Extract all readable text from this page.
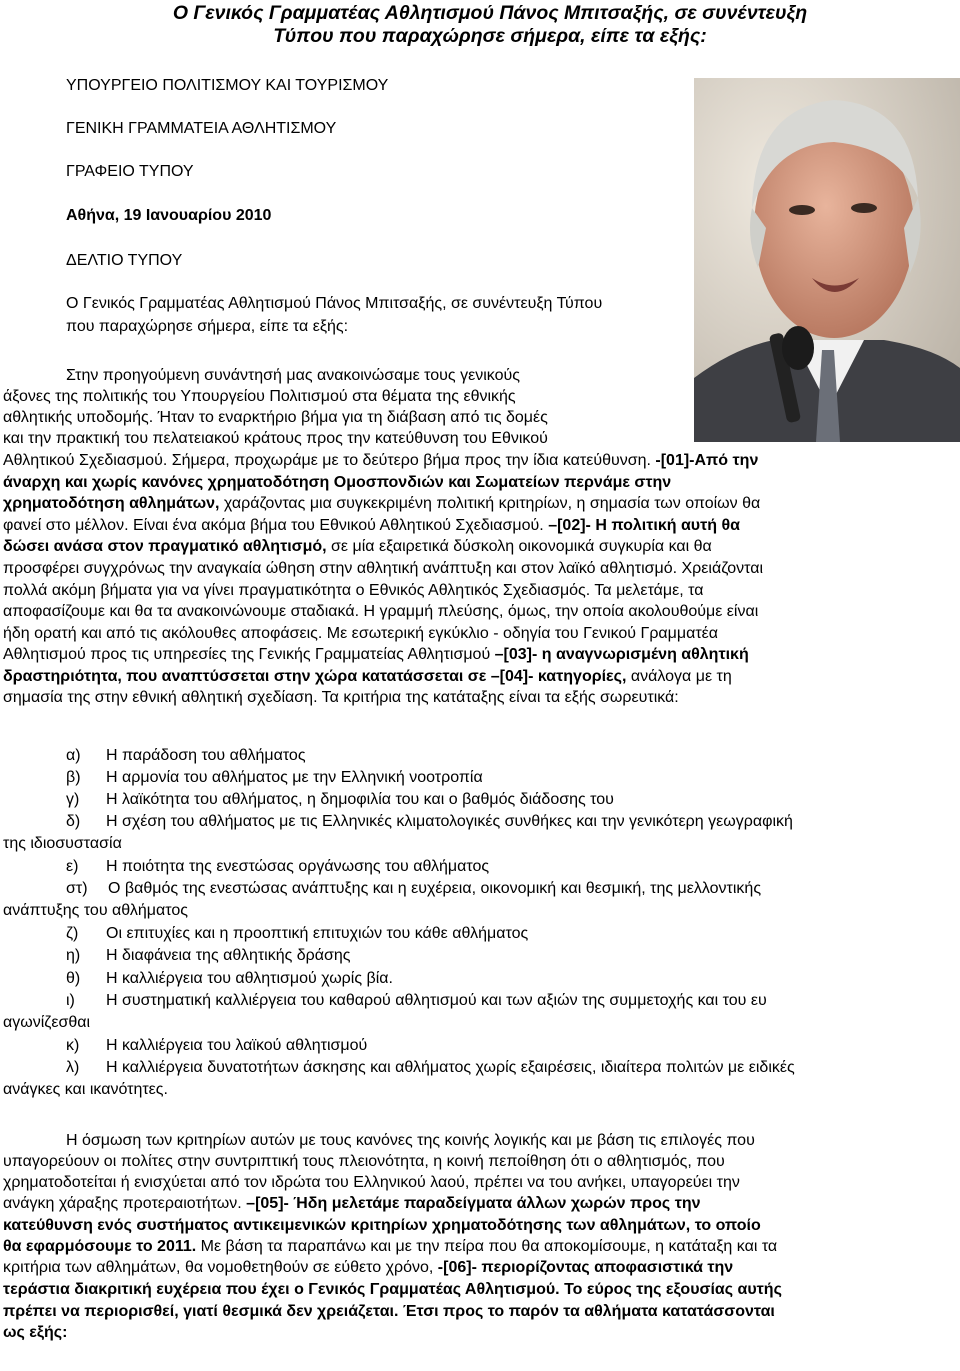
Ο Γενικός Γραμματέας Αθλητισμού Πάνος Μπιτσαξής, σε συνέντευξη
Τύπου που παραχώρησε σήμερα, είπε τα εξής:
ΥΠΟΥΡΓΕΙΟ ΠΟΛΙΤΙΣΜΟΥ ΚΑΙ ΤΟΥΡΙΣΜΟΥ
ΓΕΝΙΚΗ ΓΡΑΜΜΑΤΕΙΑ ΑΘΛΗΤΙΣΜΟΥ
ΓΡΑΦΕΙΟ ΤΥΠΟΥ
Αθήνα, 19 Ιανουαρίου 2010
ΔΕΛΤΙΟ ΤΥΠΟΥ
Ο Γενικός Γραμματέας Αθλητισμού Πάνος Μπιτσαξής, σε συνέντευξη Τύπου
που παραχώρησε σήμερα, είπε τα εξής:
Στην προηγούμενη συνάντησή μας ανακοινώσαμε τους γενικούς
άξονες της πολιτικής του Υπουργείου Πολιτισμού στα θέματα της εθνικής
αθλητικής υποδομής. Ήταν το εναρκτήριο βήμα για τη διάβαση από τις δομές
και την πρακτική του πελατειακού κράτους προς την κατεύθυνση του Εθνικού
Αθλητικού Σχεδιασμού. Σήμερα, προχωράμε με το δεύτερο βήμα προς την ίδια κατεύθυνση. -[01]-Από την
άναρχη και χωρίς κανόνες χρηματοδότηση Ομοσπονδιών και Σωματείων περνάμε στην
χρηματοδότηση αθλημάτων, χαράζοντας μια συγκεκριμένη πολιτική κριτηρίων, η σημασία των οποίων θα
φανεί στο μέλλον. Είναι ένα ακόμα βήμα του Εθνικού Αθλητικού Σχεδιασμού. –[02]- Η πολιτική αυτή θα
δώσει ανάσα στον πραγματικό αθλητισμό, σε μία εξαιρετικά δύσκολη οικονομικά συγκυρία και θα
προσφέρει συγχρόνως την αναγκαία ώθηση στην αθλητική ανάπτυξη και στον λαϊκό αθλητισμό. Χρειάζονται
πολλά ακόμη βήματα για να γίνει πραγματικότητα ο Εθνικός Αθλητικός Σχεδιασμός. Τα μελετάμε, τα
αποφασίζουμε και θα τα ανακοινώνουμε σταδιακά. Η γραμμή πλεύσης, όμως, την οποία ακολουθούμε είναι
ήδη ορατή και από τις ακόλουθες αποφάσεις. Με εσωτερική εγκύκλιο - οδηγία του Γενικού Γραμματέα
Αθλητισμού προς τις υπηρεσίες της Γενικής Γραμματείας Αθλητισμού –[03]- η αναγνωρισμένη αθλητική
δραστηριότητα, που αναπτύσσεται στην χώρα κατατάσσεται σε –[04]- κατηγορίες, ανάλογα με τη
σημασία της στην εθνική αθλητική σχεδίαση. Τα κριτήρια της κατάταξης είναι τα εξής σωρευτικά:
α) Η παράδοση του αθλήματος
β) Η αρμονία του αθλήματος με την Ελληνική νοοτροπία
γ) Η λαϊκότητα του αθλήματος, η δημοφιλία του και ο βαθμός διάδοσης του
δ) Η σχέση του αθλήματος με τις Ελληνικές κλιματολογικές συνθήκες και την γενικότερη γεωγραφική
της ιδιοσυστασία
ε) Η ποιότητα της ενεστώσας οργάνωσης του αθλήματος
στ) Ο βαθμός της ενεστώσας ανάπτυξης και η ευχέρεια, οικονομική και θεσμική, της μελλοντικής
ανάπτυξης του αθλήματος
ζ) Οι επιτυχίες και η προοπτική επιτυχιών του κάθε αθλήματος
η) Η διαφάνεια της αθλητικής δράσης
θ) Η καλλιέργεια του αθλητισμού χωρίς βία.
ι) Η συστηματική καλλιέργεια του καθαρού αθλητισμού και των αξιών της συμμετοχής και του ευ
αγωνίζεσθαι
κ) Η καλλιέργεια του λαϊκού αθλητισμού
λ) Η καλλιέργεια δυνατοτήτων άσκησης και αθλήματος χωρίς εξαιρέσεις, ιδιαίτερα πολιτών με ειδικές
ανάγκες και ικανότητες.
Η όσμωση των κριτηρίων αυτών με τους κανόνες της κοινής λογικής και με βάση τις επιλογές που
υπαγορεύουν οι πολίτες στην συντριπτική τους πλειονότητα, η κοινή πεποίθηση ότι ο αθλητισμός, που
χρηματοδοτείται ή ενισχύεται από τον ιδρώτα του Ελληνικού λαού, πρέπει να του ανήκει, υπαγορεύει την
ανάγκη χάραξης προτεραιοτήτων. –[05]- Ήδη μελετάμε παραδείγματα άλλων χωρών προς την
κατεύθυνση ενός συστήματος αντικειμενικών κριτηρίων χρηματοδότησης των αθλημάτων, το οποίο
θα εφαρμόσουμε το 2011. Με βάση τα παραπάνω και με την πείρα που θα αποκομίσουμε, η κατάταξη και τα
κριτήρια των αθλημάτων, θα νομοθετηθούν σε εύθετο χρόνο, -[06]- περιορίζοντας αποφασιστικά την
τεράστια διακριτική ευχέρεια που έχει ο Γενικός Γραμματέας Αθλητισμού. Το εύρος της εξουσίας αυτής
πρέπει να περιορισθεί, γιατί θεσμικά δεν χρειάζεται. Έτσι προς το παρόν τα αθλήματα κατατάσσονται
ως εξής:
